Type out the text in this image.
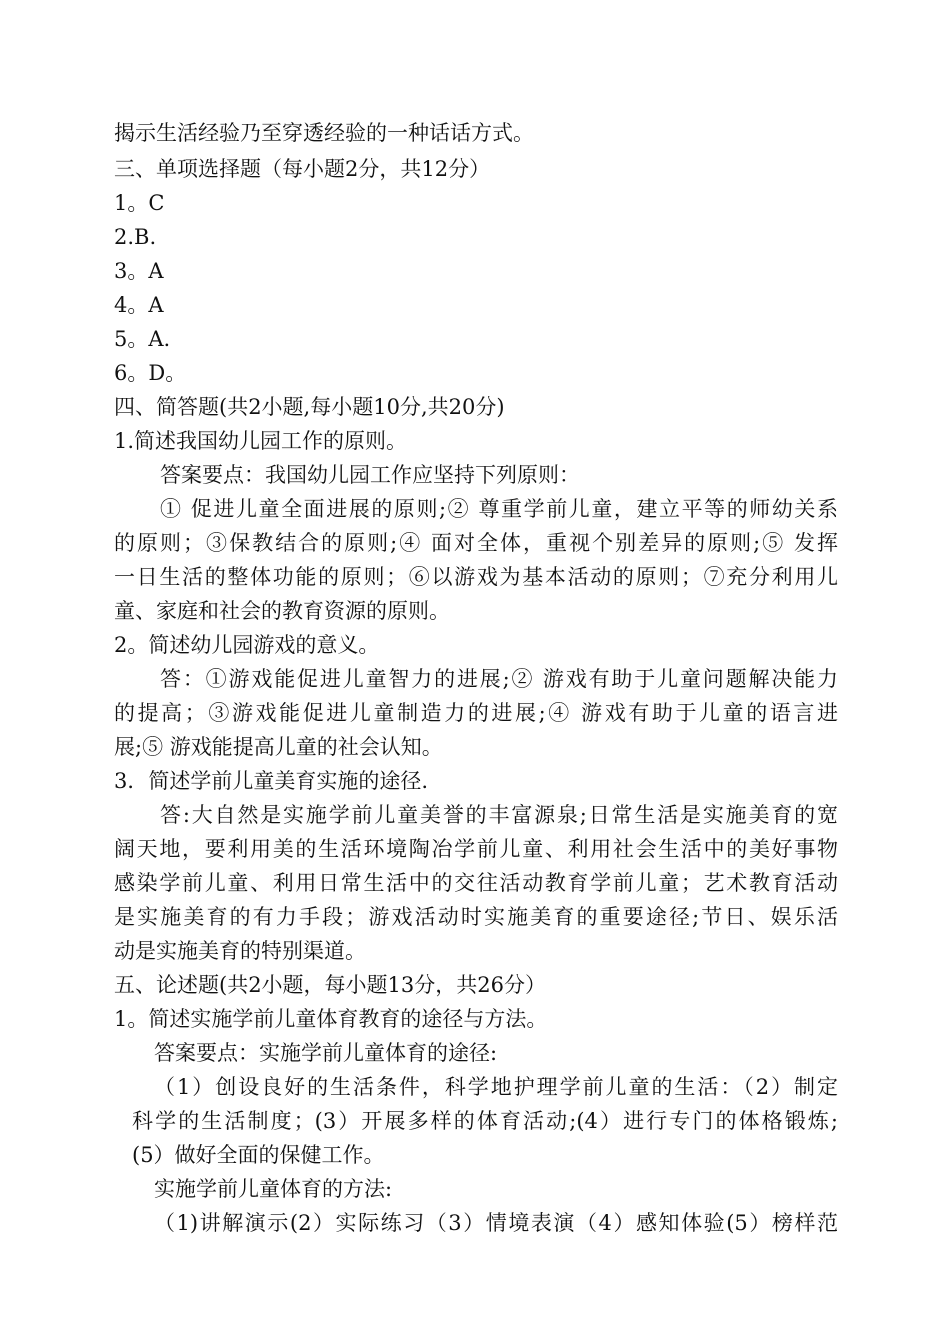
揭示生活经验乃至穿透经验的一种话话方式。
三、单项选择题（每小题2分，共12分）
1。C
2.B.
3。A
4。A
5。A.
6。D。
四、简答题(共2小题,每小题10分,共20分)
1.简述我国幼儿园工作的原则。
答案要点：我国幼儿园工作应坚持下列原则：
① 促进儿童全面进展的原则;② 尊重学前儿童，建立平等的师幼关系
的原则；③保教结合的原则;④ 面对全体，重视个别差异的原则;⑤ 发挥
一日生活的整体功能的原则；⑥以游戏为基本活动的原则；⑦充分利用儿
童、家庭和社会的教育资源的原则。
2。简述幼儿园游戏的意义。
答：①游戏能促进儿童智力的进展;② 游戏有助于儿童问题解决能力
的提高；③游戏能促进儿童制造力的进展;④ 游戏有助于儿童的语言进
展;⑤ 游戏能提高儿童的社会认知。
3．简述学前儿童美育实施的途径.
答:大自然是实施学前儿童美誉的丰富源泉;日常生活是实施美育的宽
阔天地，要利用美的生活环境陶冶学前儿童、利用社会生活中的美好事物
感染学前儿童、利用日常生活中的交往活动教育学前儿童；艺术教育活动
是实施美育的有力手段；游戏活动时实施美育的重要途径;节日、娱乐活
动是实施美育的特别渠道。
五、论述题(共2小题，每小题13分，共26分）
1。简述实施学前儿童体育教育的途径与方法。
答案要点：实施学前儿童体育的途径:
（1）创设良好的生活条件，科学地护理学前儿童的生活：（2）制定
科学的生活制度；(3）开展多样的体育活动;(4）进行专门的体格锻炼;
(5）做好全面的保健工作。
实施学前儿童体育的方法:
（1)讲解演示(2）实际练习（3）情境表演（4）感知体验(5）榜样范
